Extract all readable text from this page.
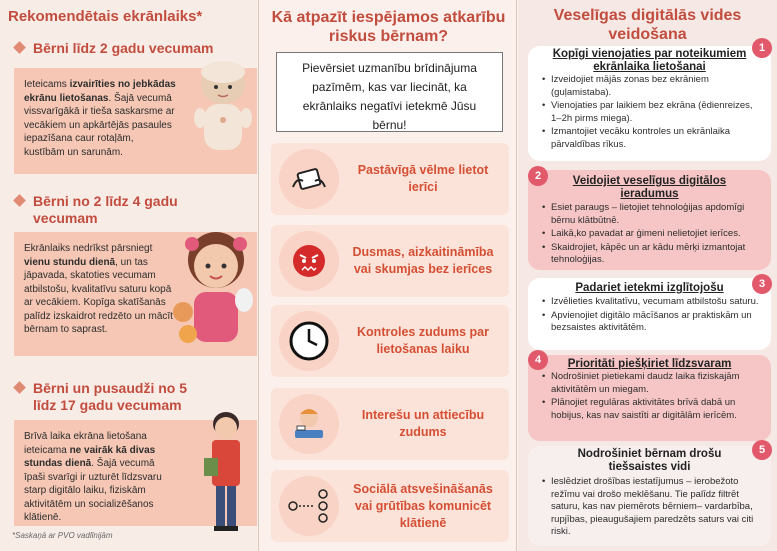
Rekomendētais ekrānlaiks*
Bērni līdz 2 gadu vecumam
Ieteicams izvairīties no jebkādas ekrānu lietošanas. Šajā vecumā vissvarīgākā ir tieša saskarsme ar vecākiem un apkārtējās pasaules iepazīšana caur rotaļām, kustībām un sarunām.
Bērni no 2 līdz 4 gadu vecumam
Ekrānlaiks nedrīkst pārsniegt vienu stundu dienā, un tas jāpavada, skatoties vecumam atbilstošu, kvalitatīvu saturu kopā ar vecākiem. Kopīga skatīšanās palīdz izskaidrot redzēto un mācīt bērnam to saprast.
Bērni un pusaudži no 5 līdz 17 gadu vecumam
Brīvā laika ekrāna lietošana ieteicama ne vairāk kā divas stundas dienā. Šajā vecumā īpaši svarīgi ir uzturēt līdzsvaru starp digitālo laiku, fiziskām aktivitātēm un socializēšanos klātienē.
*Saskaņā ar PVO vadlīnijām
Kā atpazīt iespējamos atkarību riskus bērnam?
Pievērsiet uzmanību brīdinājuma pazīmēm, kas var liecināt, ka ekrānlaiks negatīvi ietekmē Jūsu bērnu!
Pastāvīgā vēlme lietot ierīci
Dusmas, aizkaitināmība vai skumjas bez ierīces
Kontroles zudums par lietošanas laiku
Interešu un attiecību zudums
Sociālā atsvešināšanās vai grūtības komunicēt klātienē
Veselīgas digitālās vides veidošana
Kopīgi vienojaties par noteikumiem ekrānlaika lietošanai
• Izveidojiet mājās zonas bez ekrāniem (guļamistaba).
• Vienojaties par laikiem bez ekrāna (ēdienreizes, 1–2h pirms miega).
• Izmantojiet vecāku kontroles un ekrānlaika pārvaldības rīkus.
1
Veidojiet veselīgus digitālos ieradumus
• Esiet paraugs – lietojiet tehnoloģijas apdomīgi bērnu klātbūtnē.
• Laikā,ko pavadat ar ģimeni nelietojiet ierīces.
• Skaidrojiet, kāpēc un ar kādu mērķi izmantojat tehnoloģijas.
2
Padariet ietekmi izglītojošu
• Izvēlieties kvalitatīvu, vecumam atbilstošu saturu.
• Apvienojiet digitālo mācīšanos ar praktiskām un bezsaistes aktivitātēm.
3
Prioritāti piešķiriet līdzsvaram
• Nodrošiniet pietiekami daudz laika fiziskajām aktivitātēm un miegam.
• Plānojiet regulāras aktivitātes brīvā dabā un hobijus, kas nav saistīti ar digitālām ierīcēm.
4
Nodrošiniet bērnam drošu tiešsaistes vidi
• Ieslēdziet drošības iestatījumus – ierobežoto režīmu vai drošo meklēšanu. Tie palīdz filtrēt saturu, kas nav piemērots bērniem– vardarbība, rupjības, pieaugušajiem paredzēts saturs vai citi riski.
5
